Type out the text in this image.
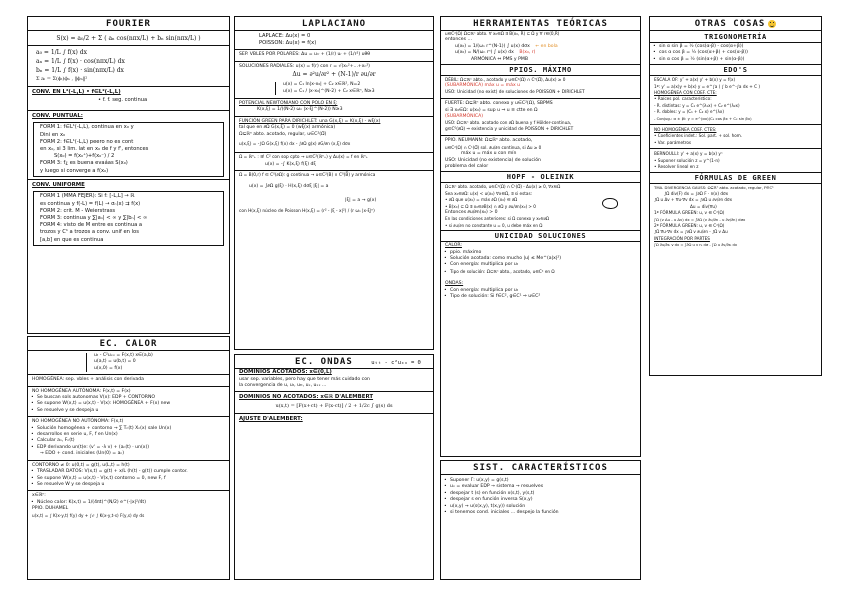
FOURIER
S(x) = a₀/2 + Σ ( aₙ cos(nπx/L) + bₙ sin(nπx/L) )
a₀ = 1/L ∫ f(x) dx
aₙ = 1/L ∫ f(x) · cos(nπx/L) dx
bₙ = 1/L ∫ f(x) · sin(nπx/L) dx
Σ aᵢ = Σ(ϕᵢ)ϕₙ , ‖ϕₙ‖²
CONV. EN L²(-L,L) • f∈L²(-L,L)
• f. f. seg. continua
CONV. PUNTUAL:
FORM 1: f∈L¹(-L,L), continua en x₀ y
Dini en x₀
FORM 2: f∈L¹(-L,L) peero no es cont
en x₀, si 3 lim. lat en x₀ de f y f', entonces
S(x₀) = f(x₀⁺)+f(x₀⁻) / 2
FORM 3: f¿ es buena evaáas S(x₀)
y luego si converge a f(x₀)
CONV. UNIFORME
FORM 1 (MMA FEJER): Si f: [-L,L] → ℝ
es continua y f(-L) = f(L) → σₙ(x) ⇉ f(x)
FORM 2: crit. M - Weierstrass
FORM 3: continua y ∑|aₙ| < ∞ y ∑|bₙ| < ∞
FORM 4: visto de M entre es continua a
trozos y C¹ a trozos a conv. unif en los
[a,b] en que es continua
EC. CALOR
uₜ - C²uₓₓ = F(x,t) x∈(a,b)
u(a,t) = u(b,t) = 0
u(x,0) = f(x)
HOMOGÉNEA: sep. vbles + análisis con derivada
NO HOMOGÉNEA AUTÓNOMA: F(x,t) = F(x)
• Se buscan sols autonomas V(x): EDP + CONTORNO
• Se supone W(x,t) = u(x,t) - V(x): HOMOGÉNEA + F(x) new
• Se resuelve y se despeja u
NO HOMOGÉNEA NO AUTÓNOMA: F(x,t)
• Solución homogénea + contorno → ∑ Tₙ(t) Xₙ(x) sale Un(x)
• desarrollos en serie u, F, f en Un(x)
• Calcular aₙ, Fₙ(t)
• EDP derivando un(t)e: (v' = -λ v) + (aₙ(t) · un(x))
→ EDO + cond. iniciales (Un(0) = aₙ)
CONTORNO ≠ 0: u(0,t) = g(t), u(L,t) = h(t)
• TRASLADAR DATOS: V(x,t) = g(t) + x/L (h(t) - g(t)) cumple contor.
• Se supone W(x,t) = u(x,t) - V(x,t) contorno = 0, new F, f
• Se resuelve W y se despeja u
x∈ℝⁿ:
• Núcleo calor: K(x,t) = 1/(4πt)^(N/2) e^(-|x|²/4t)
PPIO. DUHAMEL
u(x,t) = ∫ K(x-y,t) f(y) dy + ∫₀ᵗ ∫ K(x-y,t-s) F(y,s) dy ds
LAPLACIANO
LAPLACE: Δu(x) = 0
POISSON: Δu(x) = f(x)
SEP. VBLES POR POLARES: Δu = uᵣᵣ + (1/r) uᵣ + (1/r²) uθθ
SOLUCIONES RADIALES: u(x) = f(r) con r = √(x₁²+...+xₙ²)
Δu = ∂²u/∂r² + (N-1)/r ∂u/∂r
u(x) = C₁ ln|x-x₀| + C₂ x∈ℝ², N=2
u(x) = C₁ / |x-x₀|^(N-2) + C₂ x∈ℝⁿ, N≥3
POTENCIAL NEWTONIANO CON POLO EN ξ:
K(x,ξ) = 1/((N-2) ωₙ |x-ξ|^(N-2)) N≥3
FUNCIÓN GREEN PARA DIRICHLET: una G(x,ξ) = K(x,ξ) - wξ(x)
tal que en ∂Ω G(x,ξ) = 0 (wξ(x) armónica)
Ω⊆ℝⁿ abto. acotado, regular, u∈C²(Ω̅)
u(x,ξ) = -∫Ω G(x,ξ) f(x) dx - ∫∂Ω g(x) ∂G/∂n (x,ξ) dσx
Ω = ℝⁿ₊ : ∃! C² con sop cpto → u∈C²(ℝⁿ₊) y Δu(x) = f en ℝⁿ₊
u(x) = -∫ K(x,ξ) f(ξ) dξ
Ω = B(0,r) f ∈ C⁰(∂Ω): g continua → u∈C²(B) ∩ C⁰(B̅) y armónica
u(x) = ∫∂Ω g(ξ) · H(x,ξ) dσξ |ξ| = a
|ξ| = a → g(x)
con H(x,ξ) núcleo de Poisson H(x,ξ) = (r² - |ξ - x|²) / (r ωₙ |x-ξ|ⁿ)
EC. ONDAS	uₜₜ - c²uₓₓ = 0
DOMINIOS ACOTADOS: x∈(0,L)
usar sep. variables, pero hay que tener más cuidado con
la convergencia de u, uₜ, uₜₜ, uₓ, uₓₓ ...
DOMINIOS NO ACOTADOS: x∈ℝ D'ALEMBERT
u(x,t) = [F(x+ct) + F(x-ct)] / 2 + 1/2c ∫ g(s) ds
AJUSTE D'ALEMBERT:
HERRAMIENTAS TEÓRICAS
u∈C²(Ω) Ω⊆ℝⁿ abto. ∀ x₀∈Ω ∃ B(x₀, R) ⊆ Ω y ∀ r∈(0,R)
entonces …
u(x₀) = 1/(ωₙ r^(N-1)) ∫ u(x) dσx ← en bola
u(x₀) = N/(ωₙ rⁿ) ∫ u(x) dx B(x₀, r)
ARMÓNICA ⇔ PMS y PMB
PPIOS. MÁXIMO
DÉBIL: Ω⊆ℝⁿ abto., acotado y u∈C²(Ω) ∩ C⁰(Ω̅), Δu(x) ≥ 0
(SUBARMÓNICA) máx u = máx u
USO: Unicidad (no exist) de soluciones de POISSON + DIRICHLET
FUERTE: Ω⊆ℝⁿ abto. conexo y u∈C²(Ω), SBPMS
si ∃ x₀∈Ω: u(x₀) = sup u ⇒ u ≡ ctte en Ω
(SUBARMÓNICA)
USO: Ω⊆ℝⁿ abto. acotado con ∂Ω buena y f Hölder-continua,
g∈C⁰(∂Ω) ⇒ existencia y unicidad de POISSON + DIRICHLET
PPIO. NEUMANN: Ω⊆ℝⁿ abto. acotado,
u∈C²(Ω) ∩ C¹(Ω̅) sol. ∂u/∂n continua, si Δu ≥ 0
máx u = máx u con mín
USO: Unicidad (no existencia) de solución
problema del calor
HOPF - OLEINIK
Ω⊆ℝⁿ abto. acotado, u∈C²(Ω) ∩ C¹(Ω̅) - Δu(x) ≥ 0, ∀x∈Ω
Sea x₀∈∂Ω: u(x) < u(x₀) ∀x∈Ω, ∃ si estas:
• ∂Ω que u(x₀) = máx ∂Ω (x₀) ∈ ∂Ω
• B(x₀) ⊆ Ω ∃ x₀∈∂B(x) ∩ ∂Ω y ∂u/∂n(x₀) > 0
Entonces ∂u/∂n(x₀) > 0
En las condiciones anteriores: si Ω conexo y x₀∈∂Ω
• si ∂u/∂n no constante u = 0, u debe máx en Ω
UNICIDAD SOLUCIONES
CALOR:
• ppio. máximo
• Solución acotada: como mucho |u| ≤ Me^(a|x|²)
• Con energía: multiplica por uₜ
• Tipo de solución: Ω⊆ℝⁿ abto., acotado, u∈C² en Ω
ONDAS:
• Con energía: multiplica por uₜ
• Tipo de solución: Si f∈C², g∈C¹ ⇒ u∈C²
SIST. CARACTERÍSTICOS
• Suponer Γ: u(x,y) = g(s,t)
• uₓ = evaluar EDP → sistema → resuelves
• despejar t (s) en función x(s,t), y(s,t)
• despejar s en función inversa S(x,y)
• u(x,y) → u(s(x,y), t(x,y)) solución
• si tenemos cond. iniciales ... despejo la función
OTRAS COSAS
TRIGONOMETRÍA
• sin α sin β = ½ (cos(α-β) - cos(α+β))
• cos α cos β = ½ (cos(α+β) + cos(α-β))
• sin α cos β = ½ (sin(α+β) + sin(α-β))
EDO'S
ESCALA OF: y″ + a(x) y' + b(x) y = f(x)
1ª: y' = a(x)y + b(x) y = e^∫a ( ∫ b e^-∫a dx + C )
HOMOGÉNEA CON COEF. CTE:
• Raíces pol. característico:
- R. distintas: y = C₁ e^(λ₁x) + C₂ e^(λ₂x)
- R. dobles: y = (C₁ + C₂ x) e^(λx)
- Conjug.: α ± βi: y = e^(αx)(C₁ cos βx + C₂ sin βx)
NO HOMOGÉNEA COEF. CTES:
• Coeficientes indet.: Sol. part. + sol. hom.
• Var. parámetros
BERNOULLI: y' + a(x) y = b(x) yⁿ
• Suponer solución z = y^(1-n)
• Resolver lineal en z
FÓRMULAS DE GREEN
TMA. DIVERGENCIA GAUSS: Ω⊆ℝⁿ abto. acotado, regular, F∈C¹
∫Ω div(F) dx = ∫∂Ω F · n(x) dσx
∫Ω u Δv + ∇u·∇v dx = ∫∂Ω u ∂v/∂n dσx
Δu = div(∇u)
1ª FÓRMULA GREEN: u, v ∈ C²(Ω)
∫Ω (v Δu - u Δv) dx = ∫∂Ω (v ∂u/∂n - u ∂v/∂n) dσx
2ª FÓRMULA GREEN: u, v ∈ C²(Ω)
∫Ω ∇u·∇v dx = ∫∂Ω v ∂u/∂n - ∫Ω v Δu
INTEGRACIÓN POR PARTES
∫Ω ∂u/∂xᵢ v dx = ∫∂Ω u v nᵢ dσ - ∫Ω u ∂v/∂xᵢ dx
